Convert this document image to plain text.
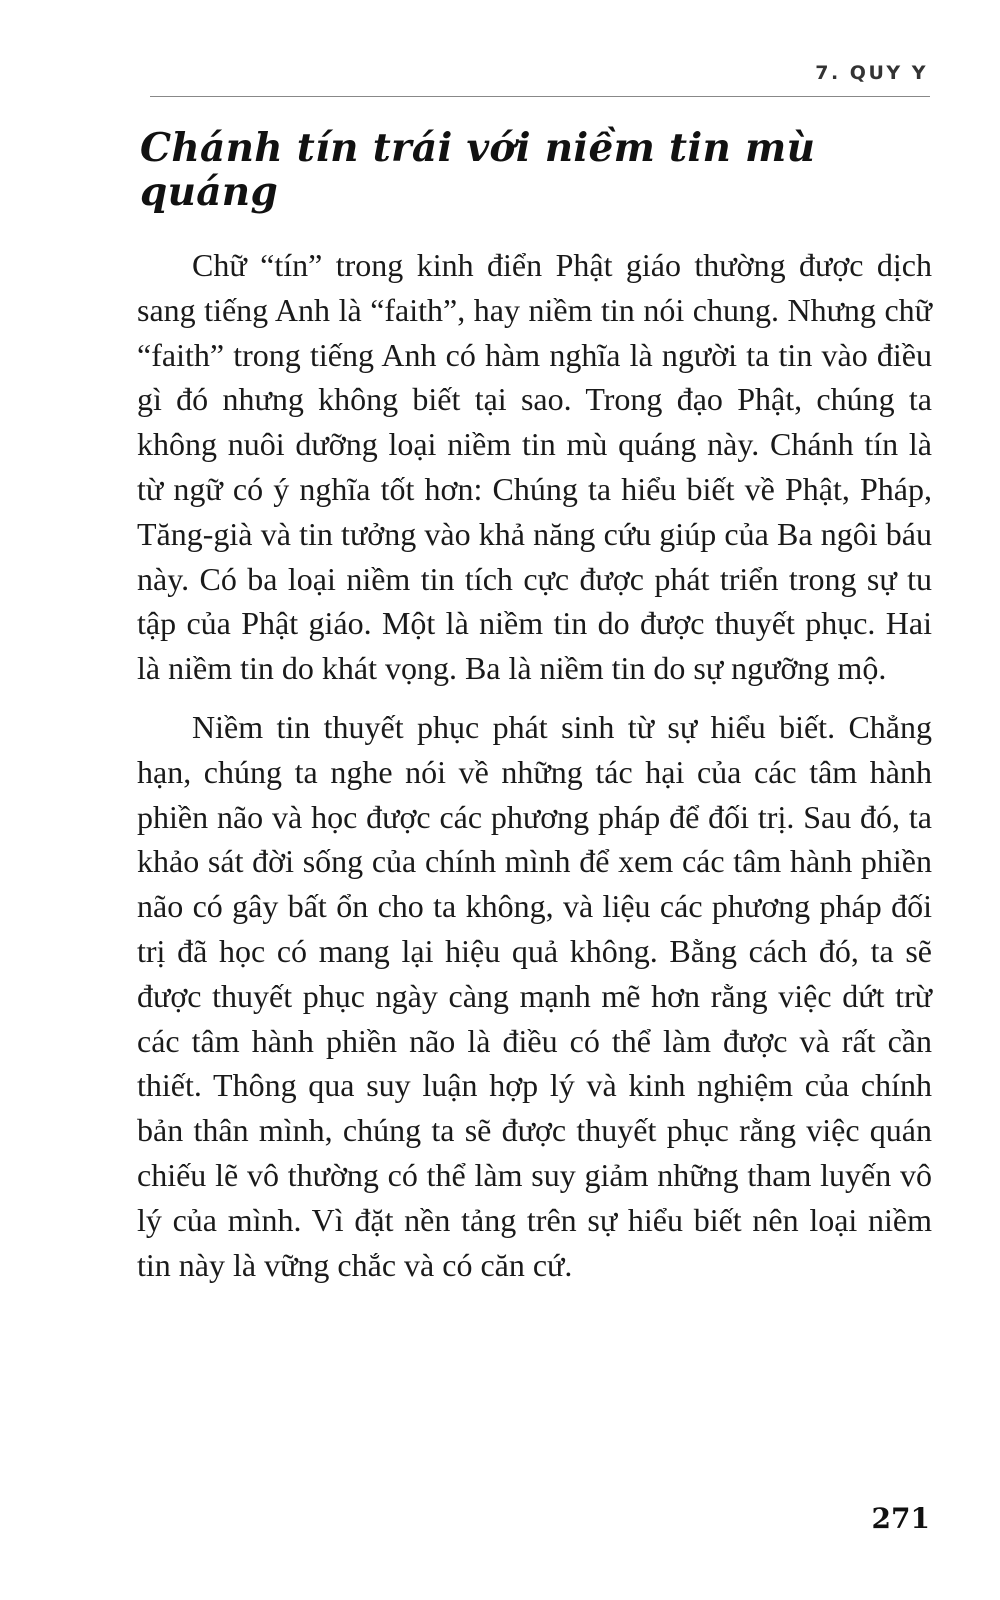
7. QUY Y
Chánh tín trái với niềm tin mù quáng

Chữ “tín” trong kinh điển Phật giáo thường được dịch sang tiếng Anh là “faith”, hay niềm tin nói chung. Nhưng chữ “faith” trong tiếng Anh có hàm nghĩa là người ta tin vào điều gì đó nhưng không biết tại sao. Trong đạo Phật, chúng ta không nuôi dưỡng loại niềm tin mù quáng này. Chánh tín là từ ngữ có ý nghĩa tốt hơn: Chúng ta hiểu biết về Phật, Pháp, Tăng-già và tin tưởng vào khả năng cứu giúp của Ba ngôi báu này. Có ba loại niềm tin tích cực được phát triển trong sự tu tập của Phật giáo. Một là niềm tin do được thuyết phục. Hai là niềm tin do khát vọng. Ba là niềm tin do sự ngưỡng mộ.

Niềm tin thuyết phục phát sinh từ sự hiểu biết. Chẳng hạn, chúng ta nghe nói về những tác hại của các tâm hành phiền não và học được các phương pháp để đối trị. Sau đó, ta khảo sát đời sống của chính mình để xem các tâm hành phiền não có gây bất ổn cho ta không, và liệu các phương pháp đối trị đã học có mang lại hiệu quả không. Bằng cách đó, ta sẽ được thuyết phục ngày càng mạnh mẽ hơn rằng việc dứt trừ các tâm hành phiền não là điều có thể làm được và rất cần thiết. Thông qua suy luận hợp lý và kinh nghiệm của chính bản thân mình, chúng ta sẽ được thuyết phục rằng việc quán chiếu lẽ vô thường có thể làm suy giảm những tham luyến vô lý của mình. Vì đặt nền tảng trên sự hiểu biết nên loại niềm tin này là vững chắc và có căn cứ.

271
